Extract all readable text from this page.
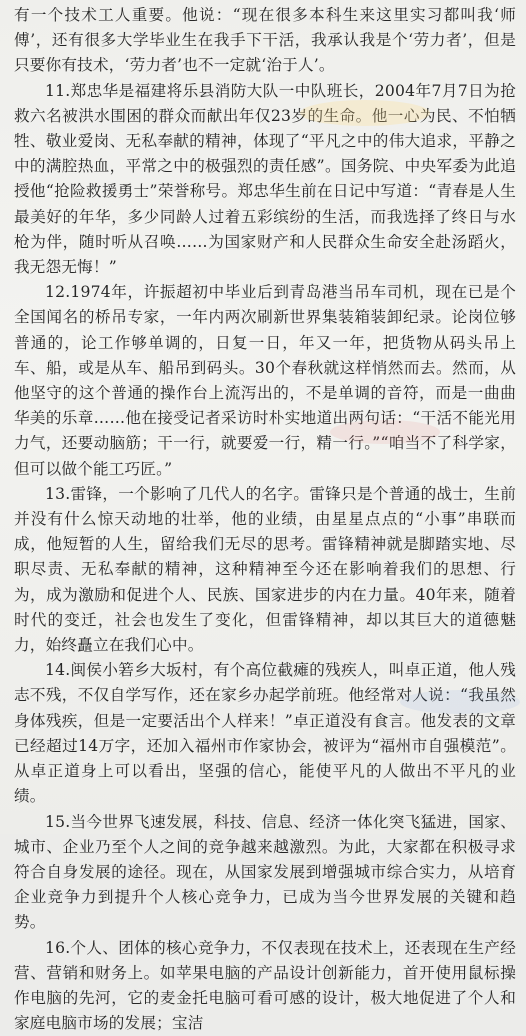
有一个技术工人重要。他说：“现在很多本科生来这里实习都叫我‘师傅’，还有很多大学毕业生在我手下干活，我承认我是个‘劳力者’，但是只要你有技术，‘劳力者’也不一定就‘治于人’。

11.郑忠华是福建将乐县消防大队一中队班长，2004年7月7日为抢救六名被洪水围困的群众而献出年仅23岁的生命。他一心为民、不怕牺牲、敬业爱岗、无私奉献的精神，体现了“平凡之中的伟大追求，平静之中的满腔热血，平常之中的极强烈的责任感”。国务院、中央军委为此追授他“抢险救援勇士”荣誉称号。郑忠华生前在日记中写道：“青春是人生最美好的年华，多少同龄人过着五彩缤纷的生活，而我选择了终日与水枪为伴，随时听从召唤……为国家财产和人民群众生命安全赴汤蹈火，我无怨无悔！”

12.1974年，许振超初中毕业后到青岛港当吊车司机，现在已是个全国闻名的桥吊专家，一年内两次刷新世界集装箱装卸纪录。论岗位够普通的，论工作够单调的，日复一日，年又一年，把货物从码头吊上车、船，或是从车、船吊到码头。30个春秋就这样悄然而去。然而，从他坚守的这个普通的操作台上流泻出的，不是单调的音符，而是一曲曲华美的乐章……他在接受记者采访时朴实地道出两句话：“干活不能光用力气，还要动脑筋；干一行，就要爱一行，精一行。”“咱当不了科学家，但可以做个能工巧匠。”

13.雷锋，一个影响了几代人的名字。雷锋只是个普通的战士，生前并没有什么惊天动地的壮举，他的业绩，由星星点点的“小事”串联而成，他短暂的人生，留给我们无尽的思考。雷锋精神就是脚踏实地、尽职尽责、无私奉献的精神，这种精神至今还在影响着我们的思想、行为，成为激励和促进个人、民族、国家进步的内在力量。40年来，随着时代的变迁，社会也发生了变化，但雷锋精神，却以其巨大的道德魅力，始终矗立在我们心中。

14.闽侯小箬乡大坂村，有个高位截瘫的残疾人，叫卓正道，他人残志不残，不仅自学写作，还在家乡办起学前班。他经常对人说：“我虽然身体残疾，但是一定要活出个人样来！”卓正道没有食言。他发表的文章已经超过14万字，还加入福州市作家协会，被评为“福州市自强模范”。从卓正道身上可以看出，坚强的信心，能使平凡的人做出不平凡的业绩。

15.当今世界飞速发展，科技、信息、经济一体化突飞猛进，国家、城市、企业乃至个人之间的竞争越来越激烈。为此，大家都在积极寻求符合自身发展的途径。现在，从国家发展到增强城市综合实力，从培育企业竞争力到提升个人核心竞争力，已成为当今世界发展的关键和趋势。

16.个人、团体的核心竞争力，不仅表现在技术上，还表现在生产经营、营销和财务上。如苹果电脑的产品设计创新能力，首开使用鼠标操作电脑的先河，它的麦金托电脑可看可感的设计，极大地促进了个人和家庭电脑市场的发展；宝洁
